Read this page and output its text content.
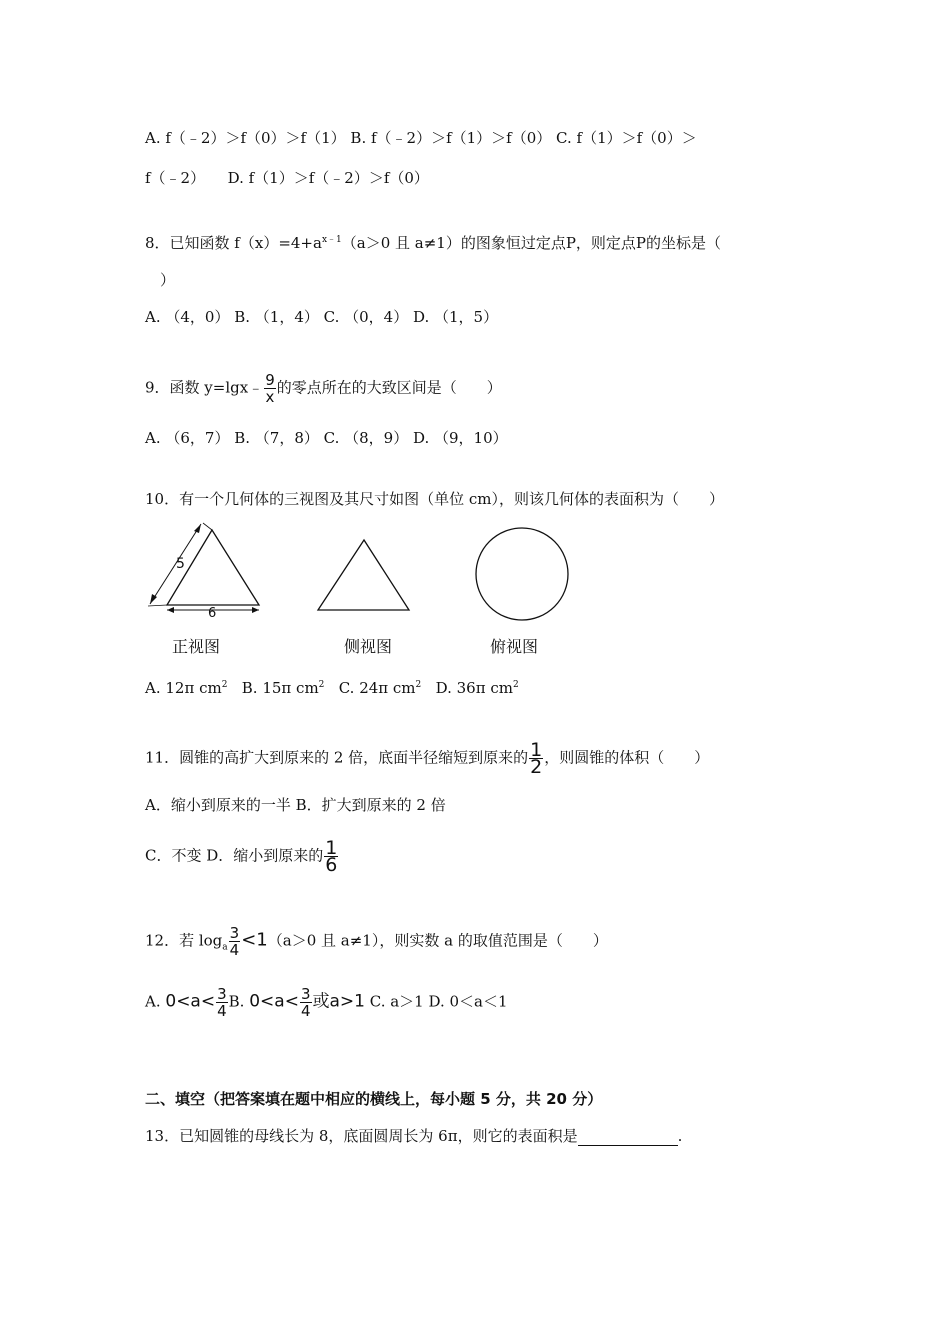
A. f（﹣2）＞f（0）＞f（1） B. f（﹣2）＞f（1）＞f（0） C. f（1）＞f（0）＞
f（﹣2）　　D. f（1）＞f（﹣2）＞f（0）
8．已知函数 $f(x)=4+a^{x﹣1}(a>0$ 且 a≠1）的图象恒过定点P，则定点P的坐标是（
）
A. （4，0） B. （1，4） C. （0，4） D. （1，5）
9．函数 y=lgx﹣ $\frac{9}{x}$ 的零点所在的大致区间是（　　）
A. （6，7） B. （7，8） C. （8，9） D. （9，10）
10．有一个几何体的三视图及其尺寸如图（单位 cm），则该几何体的表面积为（　　）
5
6
正视图	侧视图	俯视图
A. 12π $cm^2$ B. 15π $cm^2$ C. 24π $cm^2$ D. 36π $cm^2$
11．圆锥的高扩大到原来的 2 倍，底面半径缩短到原来的 $\frac{1}{2}$ ，则圆锥的体积（　　）
A．缩小到原来的一半 B．扩大到原来的 2 倍
C．不变 D．缩小到原来的 $\frac{1}{6}$
12．若 $\log_a \frac{3}{4} <1(a>0$ 且 a≠1），则实数 a 的取值范围是（　　）
A. $0<a< \frac{3}{4} B$. $0<a< \frac{3}{4}$ 或a>1 C. a＞1 D. 0＜a＜1
二、填空（把答案填在题中相应的横线上，每小题 5 分，共 20 分）
13．已知圆锥的母线长为 8，底面圆周长为 6π，则它的表面积是	.
